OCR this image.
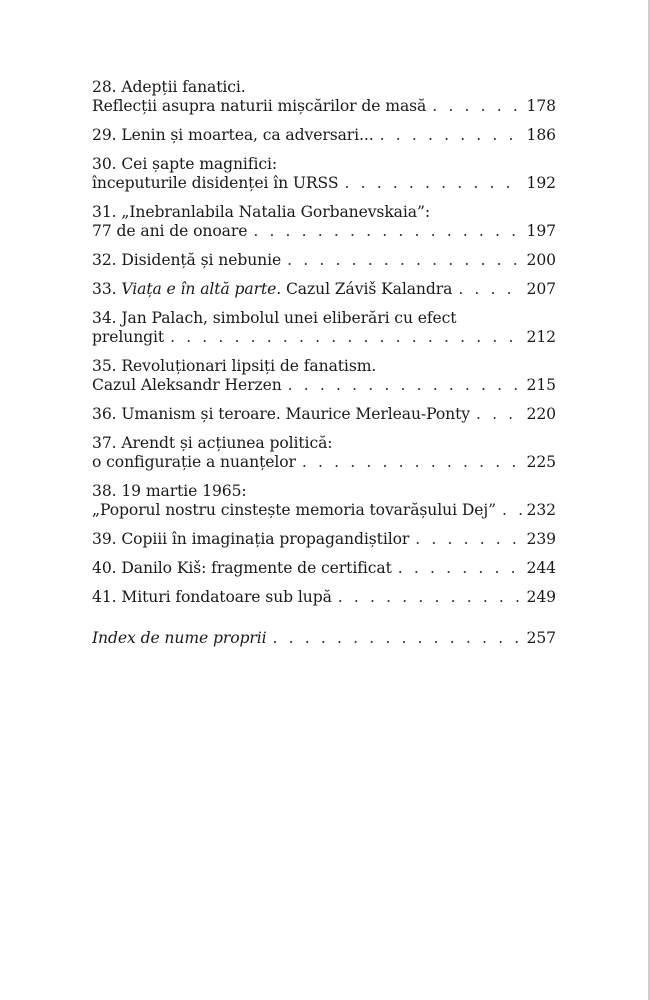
28. Adepții fanatici.
Reflecții asupra naturii mișcărilor de masă . . .	178
29. Lenin și moartea, ca adversari... . . .	186
30. Cei șapte magnifici:
începuturile disidenței în URSS . . .	192
31. „Inebranlabila Natalia Gorbanevskaia”:
77 de ani de onoare . . .	197
32. Disidență și nebunie . . .	200
33. Viața e în altă parte. Cazul Záviš Kalandra . . .	207
34. Jan Palach, simbolul unei eliberări cu efect
prelungit . . .	212
35. Revoluționari lipsiți de fanatism.
Cazul Aleksandr Herzen . . .	215
36. Umanism și teroare. Maurice Merleau-Ponty . . .	220
37. Arendt și acțiunea politică:
o configurație a nuanțelor . . .	225
38. 19 martie 1965:
„Poporul nostru cinstește memoria tovarășului Dej” . . .	232
39. Copiii în imaginația propagandiștilor . . .	239
40. Danilo Kiš: fragmente de certificat . . .	244
41. Mituri fondatoare sub lupă . . .	249
Index de nume proprii . . .	257
